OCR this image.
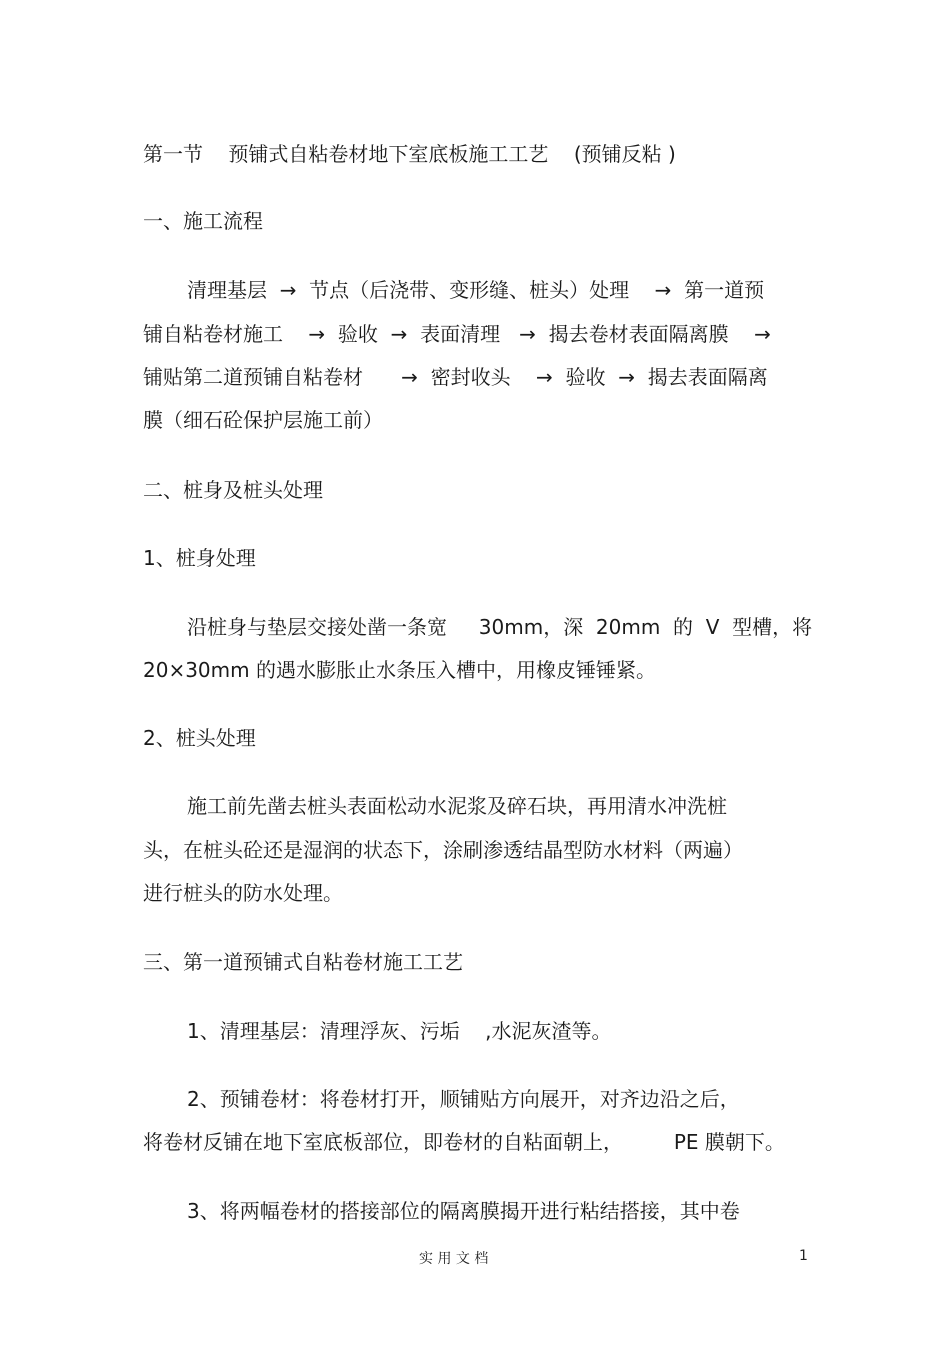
第一节    预铺式自粘卷材地下室底板施工工艺    (预铺反粘 )

一、施工流程

清理基层  →  节点（后浇带、变形缝、桩头）处理    →  第一道预

铺自粘卷材施工    →  验收  →  表面清理   →  揭去卷材表面隔离膜    →

铺贴第二道预铺自粘卷材      →  密封收头    →  验收  →  揭去表面隔离

膜（细石砼保护层施工前）

二、桩身及桩头处理

1、桩身处理

沿桩身与垫层交接处凿一条宽     30mm，深  20mm  的  V  型槽，将

20×30mm 的遇水膨胀止水条压入槽中，用橡皮锤锤紧。

2、桩头处理

施工前先凿去桩头表面松动水泥浆及碎石块，再用清水冲洗桩

头，在桩头砼还是湿润的状态下，涂刷渗透结晶型防水材料（两遍）

进行桩头的防水处理。

三、第一道预铺式自粘卷材施工工艺

1、清理基层：清理浮灰、污垢    ,水泥灰渣等。

2、预铺卷材：将卷材打开，顺铺贴方向展开，对齐边沿之后，

将卷材反铺在地下室底板部位，即卷材的自粘面朝上，        PE 膜朝下。

3、将两幅卷材的搭接部位的隔离膜揭开进行粘结搭接，其中卷

实 用 文 档	1
